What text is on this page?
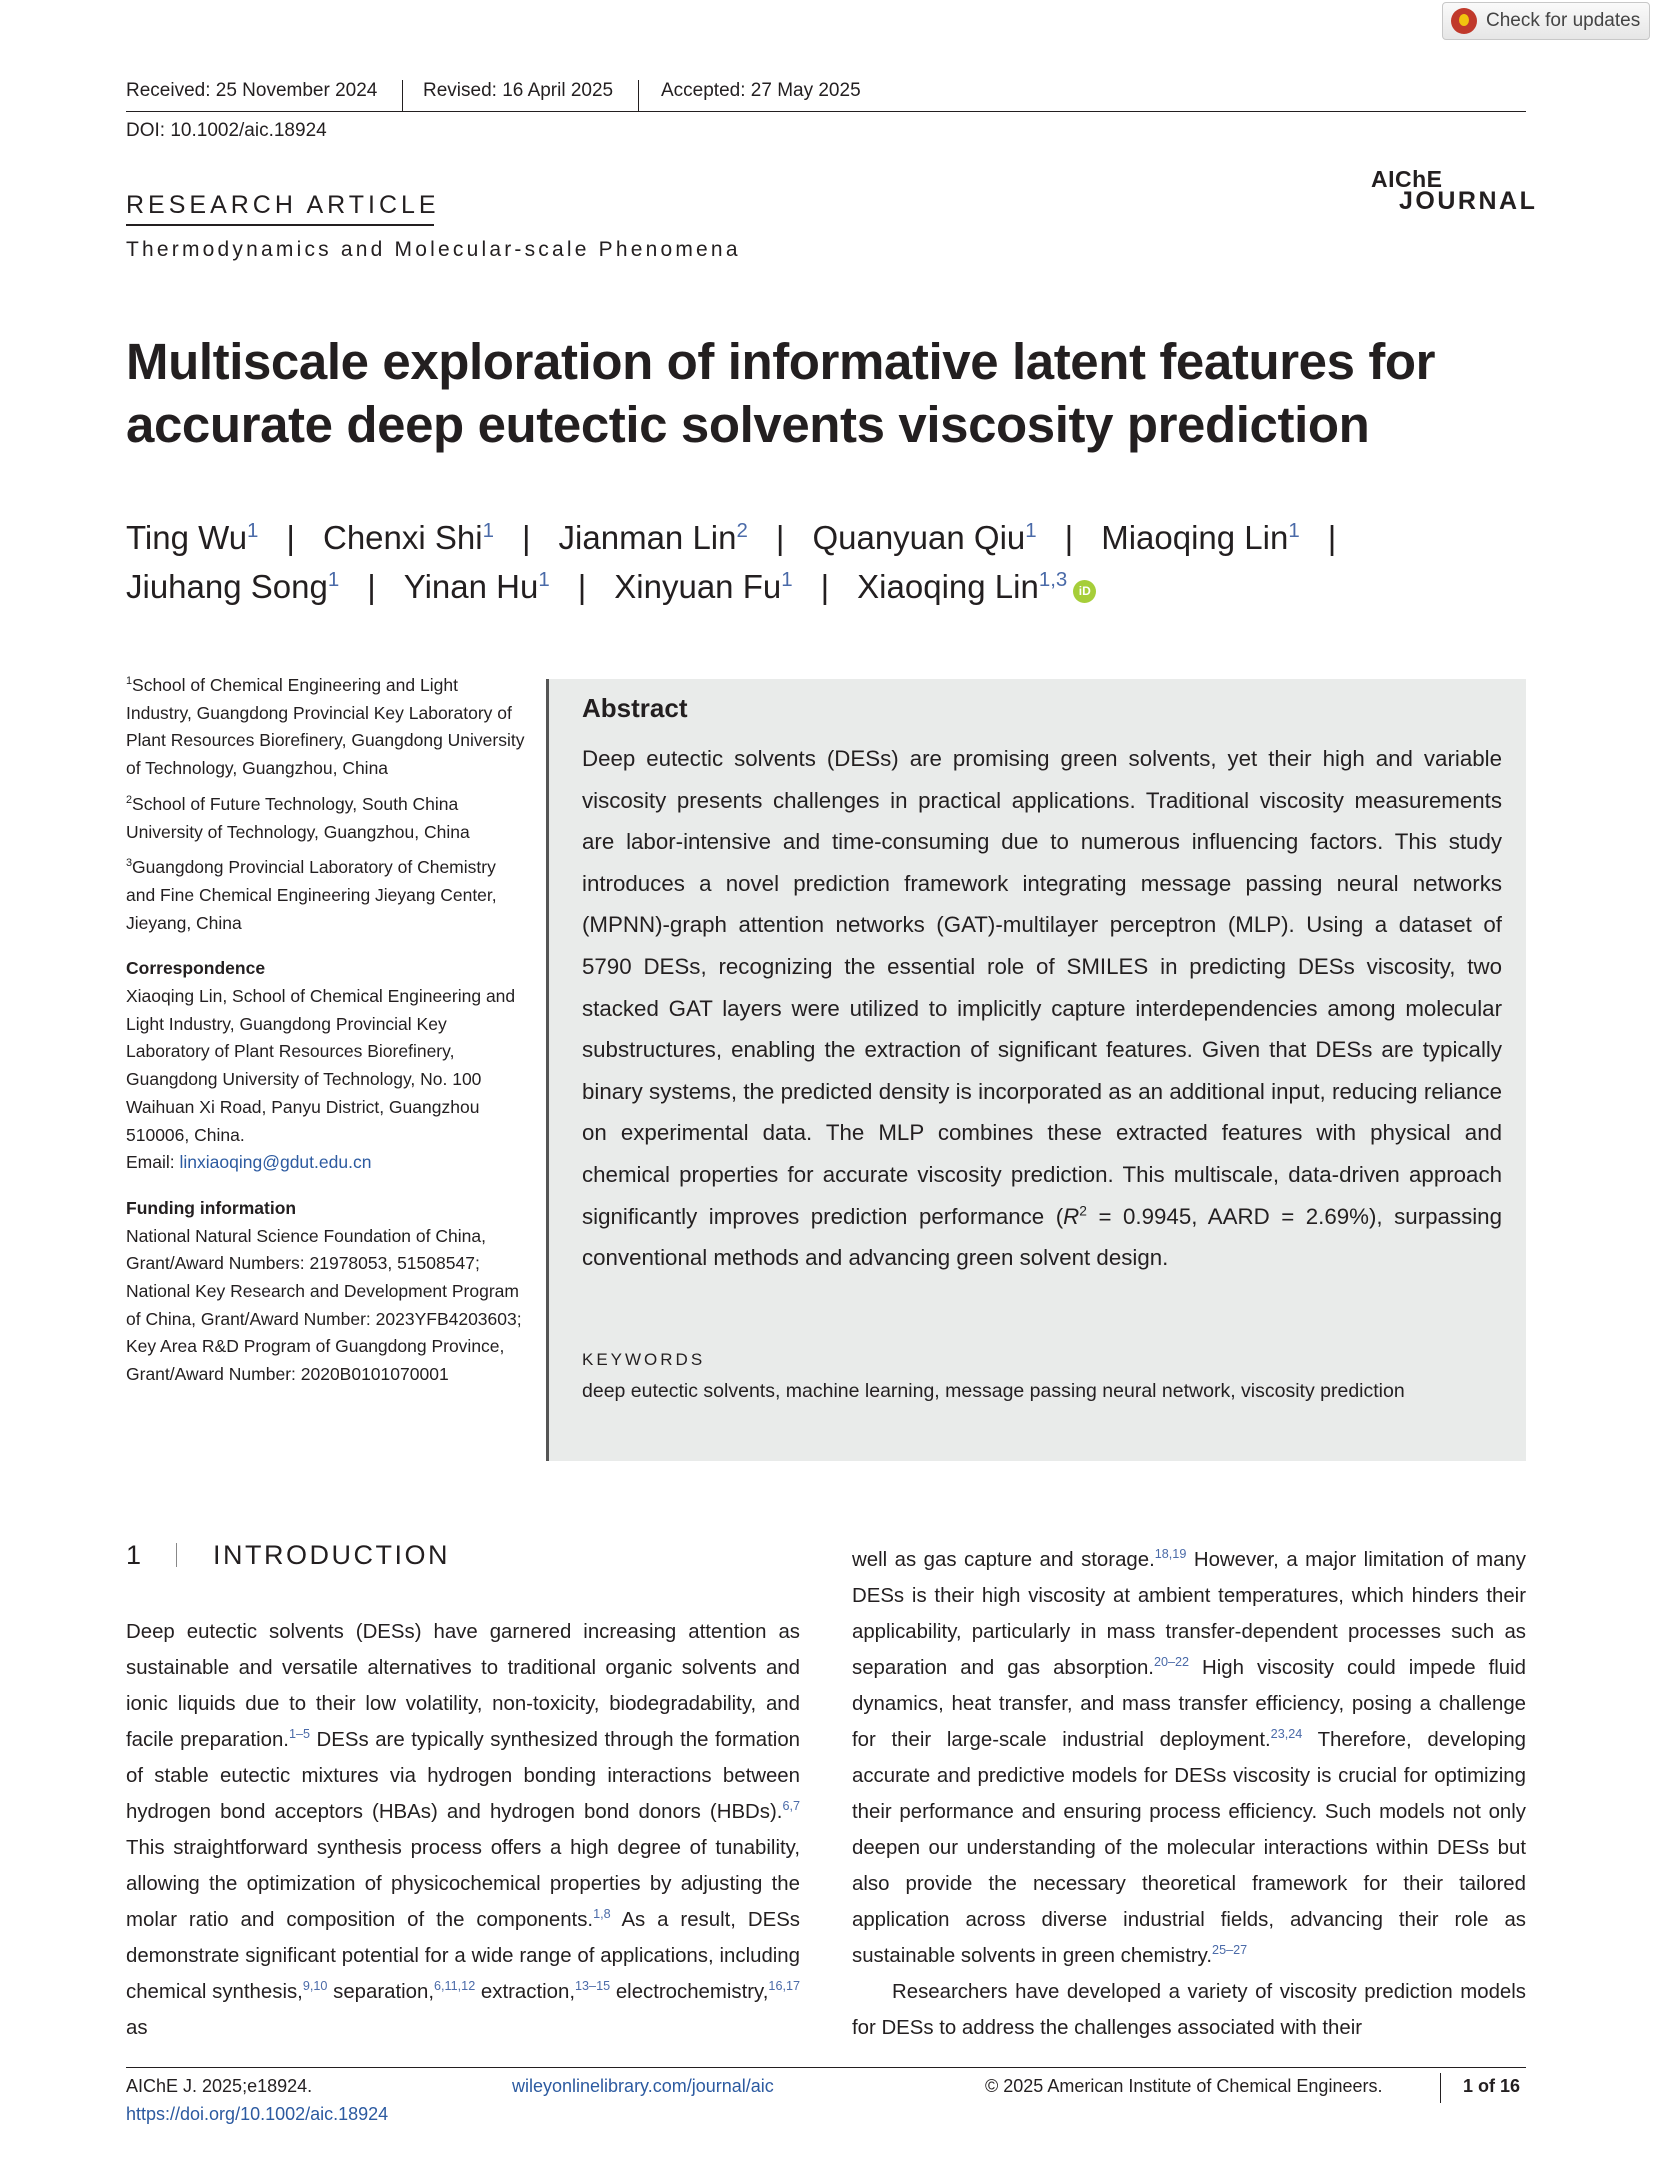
Check for updates
Received: 25 November 2024 Revised: 16 April 2025	Accepted: 27 May 2025
DOI: 10.1002/aic.18924
RESEARCH ARTICLE
Thermodynamics and Molecular-scale Phenomena
AIChE
JOURNAL
Multiscale exploration of informative latent features for accurate deep eutectic solvents viscosity prediction
Ting Wu$^1$ | Chenxi Shi$^1$ | Jianman Lin$^2$ | Quanyuan Qiu$^1$ | Miaoqing Lin$^1$ |
Jiuhang Song$^1$ | Yinan Hu$^1$ | Xinyuan Fu$^1$ | Xiaoqing Lin$^{1,3}$ iD

$^1$School of Chemical Engineering and Light Industry, Guangdong Provincial Key Laboratory of Plant Resources Biorefinery, Guangdong University of Technology, Guangzhou, China

$^2$School of Future Technology, South China University of Technology, Guangzhou, China

$^3$Guangdong Provincial Laboratory of Chemistry and Fine Chemical Engineering Jieyang Center, Jieyang, China

Correspondence

Xiaoqing Lin, School of Chemical Engineering and Light Industry, Guangdong Provincial Key Laboratory of Plant Resources Biorefinery, Guangdong University of Technology, No. 100 Waihuan Xi Road, Panyu District, Guangzhou 510006, China.
Email: linxiaoqing@gdut.edu.cn

Funding information

National Natural Science Foundation of China, Grant/Award Numbers: 21978053, 51508547; National Key Research and Development Program of China, Grant/Award Number: 2023YFB4203603; Key Area R&D Program of Guangdong Province, Grant/Award Number: 2020B0101070001

Abstract
Deep eutectic solvents (DESs) are promising green solvents, yet their high and variable viscosity presents challenges in practical applications. Traditional viscosity measurements are labor-intensive and time-consuming due to numerous influencing factors. This study introduces a novel prediction framework integrating message passing neural networks (MPNN)-graph attention networks (GAT)-multilayer perceptron (MLP). Using a dataset of 5790 DESs, recognizing the essential role of SMILES in predicting DESs viscosity, two stacked GAT layers were utilized to implicitly capture interdependencies among molecular substructures, enabling the extraction of significant features. Given that DESs are typically binary systems, the predicted density is incorporated as an additional input, reducing reliance on experimental data. The MLP combines these extracted features with physical and chemical properties for accurate viscosity prediction. This multiscale, data-driven approach significantly improves prediction performance ($R^2 = 0.9945$, AARD = 2.69%), surpassing conventional methods and advancing green solvent design.
KEYWORDS
deep eutectic solvents, machine learning, message passing neural network, viscosity prediction
1	INTRODUCTION
Deep eutectic solvents (DESs) have garnered increasing attention as sustainable and versatile alternatives to traditional organic solvents and ionic liquids due to their low volatility, non-toxicity, biodegradability, and facile preparation.$^{1-5}$ DESs are typically synthesized through the formation of stable eutectic mixtures via hydrogen bonding interactions between hydrogen bond acceptors (HBAs) and hydrogen bond donors (HBDs).$^{6,7}$ This straightforward synthesis process offers a high degree of tunability, allowing the optimization of physicochemical properties by adjusting the molar ratio and composition of the components.$^{1,8}$ As a result, DESs demonstrate significant potential for a wide range of applications, including chemical synthesis,$^{9,10}$ separation,$^{6,11,12}$ extraction,$^{13-15}$ electrochemistry,$^{16,17}$ as

well as gas capture and storage.$^{18,19}$ However, a major limitation of many DESs is their high viscosity at ambient temperatures, which hinders their applicability, particularly in mass transfer-dependent processes such as separation and gas absorption.$^{20-22}$ High viscosity could impede fluid dynamics, heat transfer, and mass transfer efficiency, posing a challenge for their large-scale industrial deployment.$^{23,24}$ Therefore, developing accurate and predictive models for DESs viscosity is crucial for optimizing their performance and ensuring process efficiency. Such models not only deepen our understanding of the molecular interactions within DESs but also provide the necessary theoretical framework for their tailored application across diverse industrial fields, advancing their role as sustainable solvents in green chemistry.$^{25-27}$

Researchers have developed a variety of viscosity prediction models for DESs to address the challenges associated with their

AIChE J. 2025;e18924.
https://doi.org/10.1002/aic.18924
wileyonlinelibrary.com/journal/aic	© 2025 American Institute of Chemical Engineers.	1 of 16
